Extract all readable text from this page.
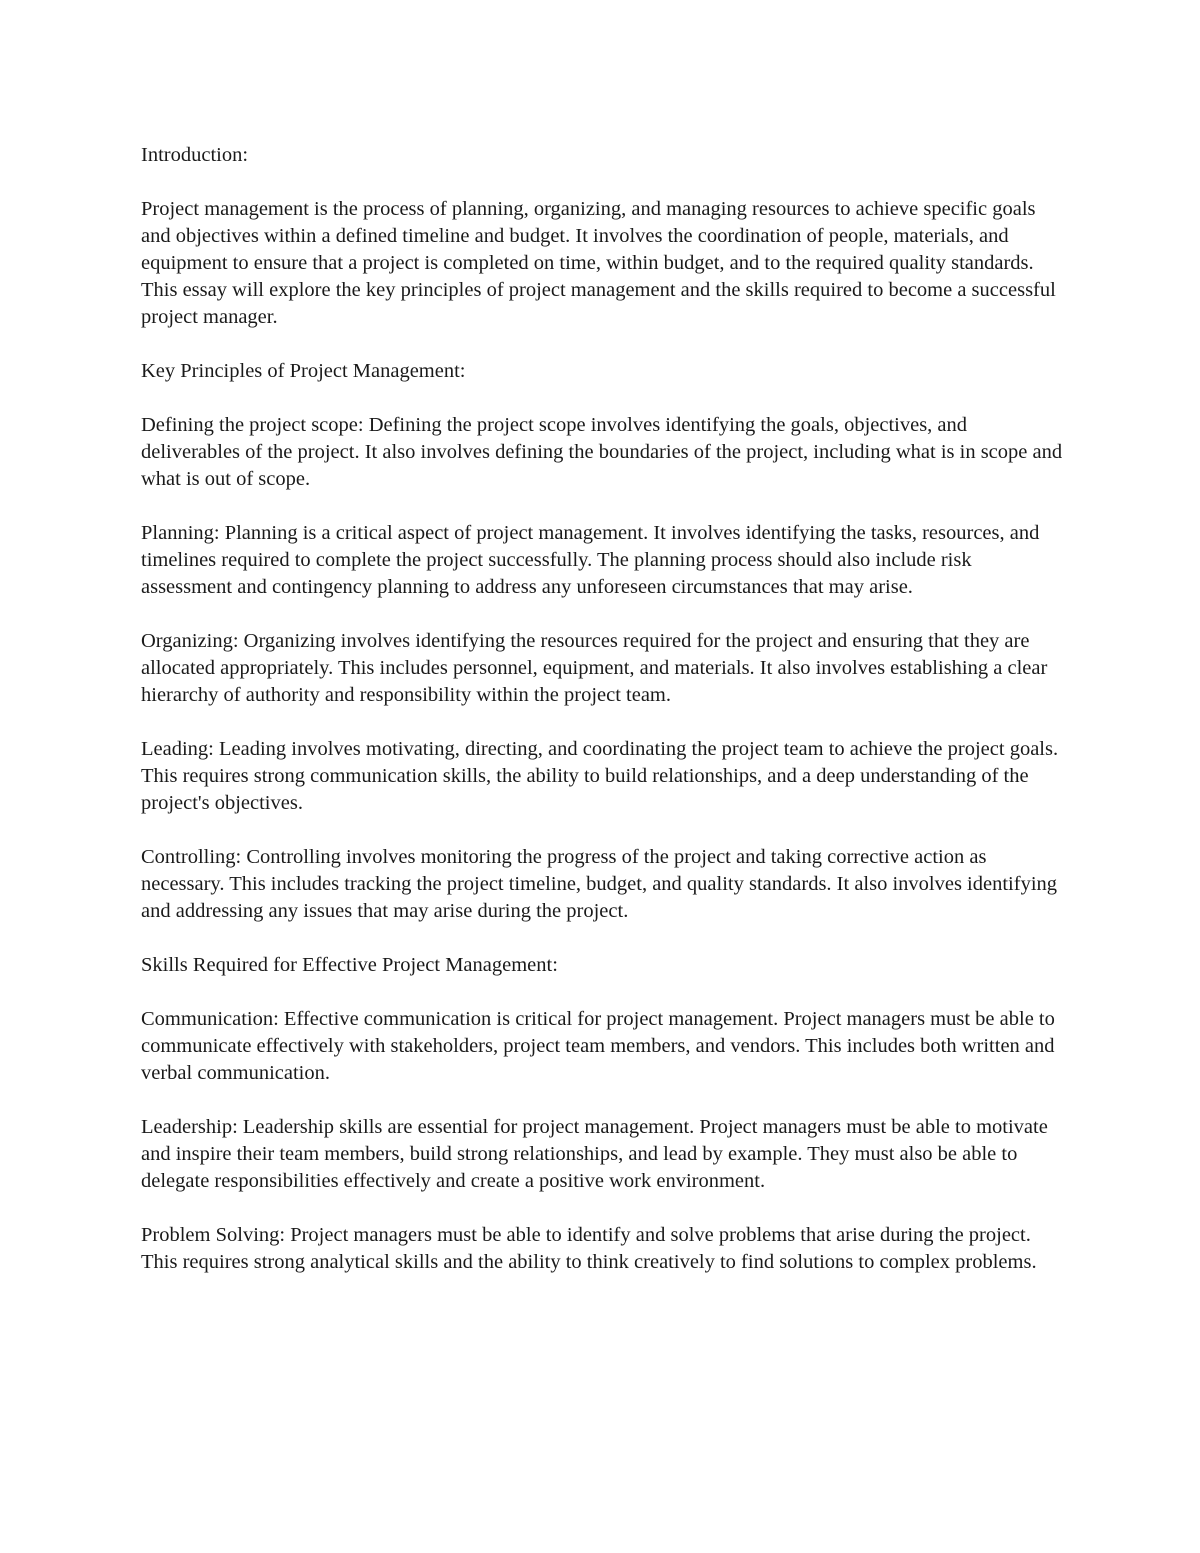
Introduction:

Project management is the process of planning, organizing, and managing resources to achieve specific goals and objectives within a defined timeline and budget. It involves the coordination of people, materials, and equipment to ensure that a project is completed on time, within budget, and to the required quality standards. This essay will explore the key principles of project management and the skills required to become a successful project manager.

Key Principles of Project Management:

Defining the project scope: Defining the project scope involves identifying the goals, objectives, and deliverables of the project. It also involves defining the boundaries of the project, including what is in scope and what is out of scope.

Planning: Planning is a critical aspect of project management. It involves identifying the tasks, resources, and timelines required to complete the project successfully. The planning process should also include risk assessment and contingency planning to address any unforeseen circumstances that may arise.

Organizing: Organizing involves identifying the resources required for the project and ensuring that they are allocated appropriately. This includes personnel, equipment, and materials. It also involves establishing a clear hierarchy of authority and responsibility within the project team.

Leading: Leading involves motivating, directing, and coordinating the project team to achieve the project goals. This requires strong communication skills, the ability to build relationships, and a deep understanding of the project's objectives.

Controlling: Controlling involves monitoring the progress of the project and taking corrective action as necessary. This includes tracking the project timeline, budget, and quality standards. It also involves identifying and addressing any issues that may arise during the project.

Skills Required for Effective Project Management:

Communication: Effective communication is critical for project management. Project managers must be able to communicate effectively with stakeholders, project team members, and vendors. This includes both written and verbal communication.

Leadership: Leadership skills are essential for project management. Project managers must be able to motivate and inspire their team members, build strong relationships, and lead by example. They must also be able to delegate responsibilities effectively and create a positive work environment.

Problem Solving: Project managers must be able to identify and solve problems that arise during the project. This requires strong analytical skills and the ability to think creatively to find solutions to complex problems.
